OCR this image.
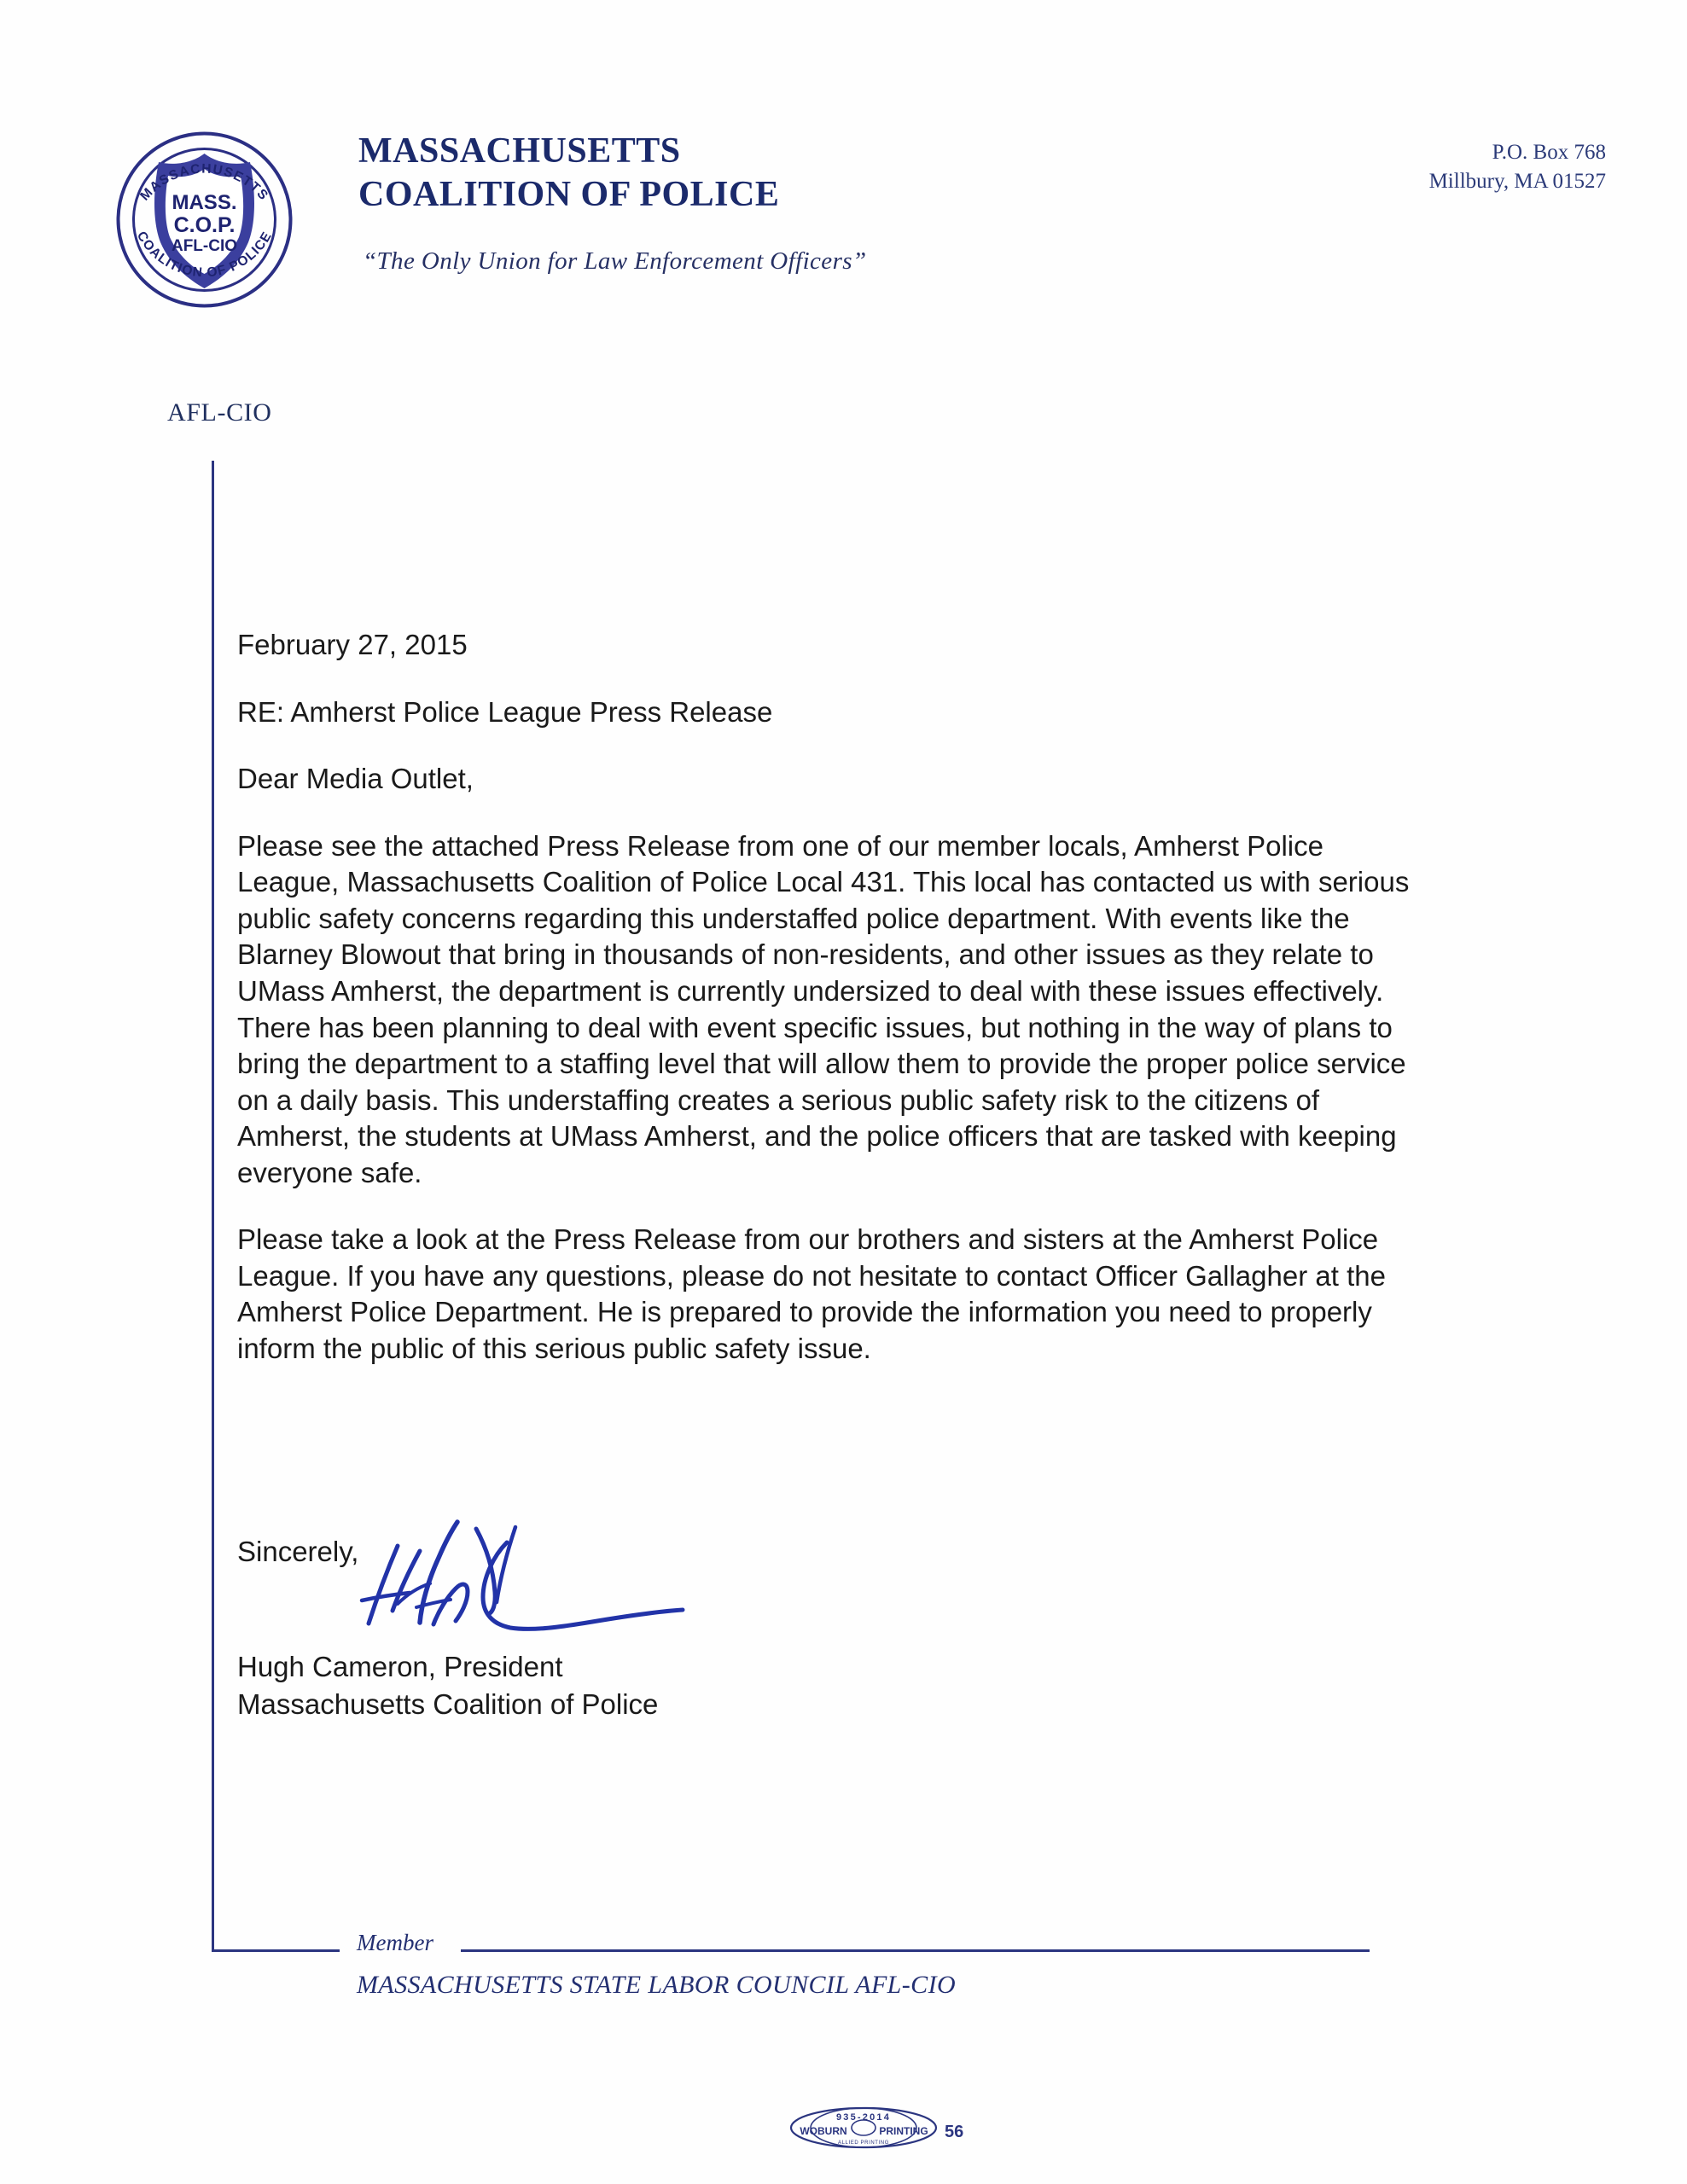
MASS.
C.O.P.
AFL-CIO
MASSACHUSETTS
COALITION OF POLICE
MASSACHUSETTS
COALITION OF POLICE
“The Only Union for Law Enforcement Officers”
P.O. Box 768
Millbury, MA 01527
AFL-CIO

February 27, 2015

RE: Amherst Police League Press Release

Dear Media Outlet,

Please see the attached Press Release from one of our member locals, Amherst Police League, Massachusetts Coalition of Police Local 431. This local has contacted us with serious public safety concerns regarding this understaffed police department. With events like the Blarney Blowout that bring in thousands of non-residents, and other issues as they relate to UMass Amherst, the department is currently undersized to deal with these issues effectively. There has been planning to deal with event specific issues, but nothing in the way of plans to bring the department to a staffing level that will allow them to provide the proper police service on a daily basis. This understaffing creates a serious public safety risk to the citizens of Amherst, the students at UMass Amherst, and the police officers that are tasked with keeping everyone safe.

Please take a look at the Press Release from our brothers and sisters at the Amherst Police League. If you have any questions, please do not hesitate to contact Officer Gallagher at the Amherst Police Department. He is prepared to provide the information you need to properly inform the public of this serious public safety issue.

Sincerely,
Hugh Cameron, President
Massachusetts Coalition of Police
Member
MASSACHUSETTS STATE LABOR COUNCIL AFL-CIO
935-2014
WOBURN	PRINTING
ALLIED PRINTING
56
